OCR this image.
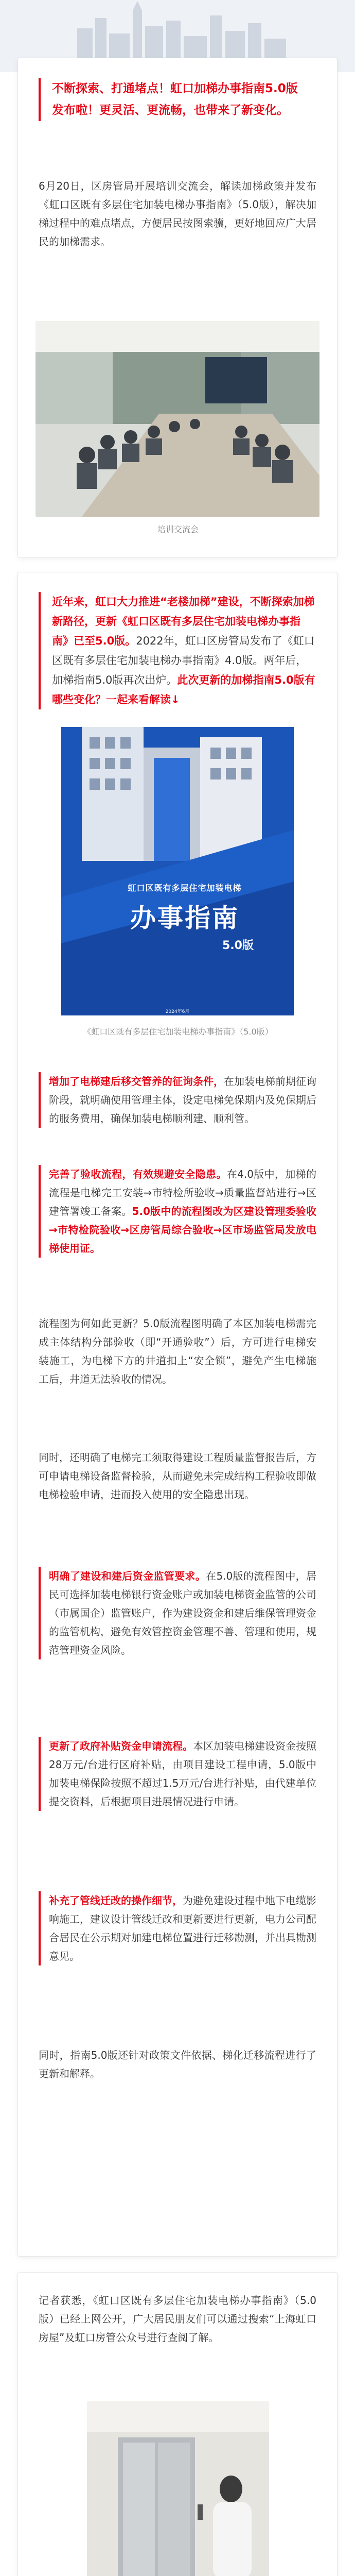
不断探索、打通堵点！虹口加梯办事指南5.0版发布啦！更灵活、更流畅，也带来了新变化。

6月20日，区房管局开展培训交流会，解读加梯政策并发布《虹口区既有多层住宅加装电梯办事指南》（5.0版），解决加梯过程中的难点堵点，方便居民按图索骥，更好地回应广大居民的加梯需求。

培训交流会
近年来，虹口大力推进“老楼加梯”建设，不断探索加梯新路径，更新《虹口区既有多层住宅加装电梯办事指南》已至5.0版。2022年，虹口区房管局发布了《虹口区既有多层住宅加装电梯办事指南》4.0版。两年后，加梯指南5.0版再次出炉。此次更新的加梯指南5.0版有哪些变化？一起来看解读↓
虹口区既有多层住宅加装电梯
办事指南
5.0版
2024年6月
《虹口区既有多层住宅加装电梯办事指南》（5.0版）

增加了电梯建后移交管养的征询条件，在加装电梯前期征询阶段，就明确使用管理主体，设定电梯免保期内及免保期后的服务费用，确保加装电梯顺利建、顺利管。

完善了验收流程，有效规避安全隐患。在4.0版中，加梯的流程是电梯完工安装→市特检所验收→质量监督站进行→区建管署竣工备案。5.0版中的流程图改为区建设管理委验收→市特检院验收→区房管局综合验收→区市场监管局发放电梯使用证。

流程图为何如此更新？5.0版流程图明确了本区加装电梯需完成主体结构分部验收（即“开通验收”）后，方可进行电梯安装施工，为电梯下方的井道扣上“安全锁”，避免产生电梯施工后，井道无法验收的情况。

同时，还明确了电梯完工须取得建设工程质量监督报告后，方可申请电梯设备监督检验，从而避免未完成结构工程验收即做电梯检验申请，进而投入使用的安全隐患出现。

明确了建设和建后资金监管要求。在5.0版的流程图中，居民可选择加装电梯银行资金账户或加装电梯资金监管的公司（市属国企）监管账户，作为建设资金和建后维保管理资金的监管机构，避免有效管控资金管理不善、管理和使用，规范管理资金风险。

更新了政府补贴资金申请流程。本区加装电梯建设资金按照28万元/台进行区府补贴，由项目建设工程申请，5.0版中加装电梯保险按照不超过1.5万元/台进行补贴，由代建单位提交资料，后根据项目进展情况进行申请。

补充了管线迁改的操作细节，为避免建设过程中地下电缆影响施工，建议设计管线迁改和更新要进行更新，电力公司配合居民在公示期对加建电梯位置进行迁移勘测，并出具勘测意见。

同时，指南5.0版还针对政策文件依据、梯化迁移流程进行了更新和解释。

记者获悉，《虹口区既有多层住宅加装电梯办事指南》（5.0版）已经上网公开，广大居民朋友们可以通过搜索“上海虹口房屋”及虹口房管公众号进行查阅了解。
